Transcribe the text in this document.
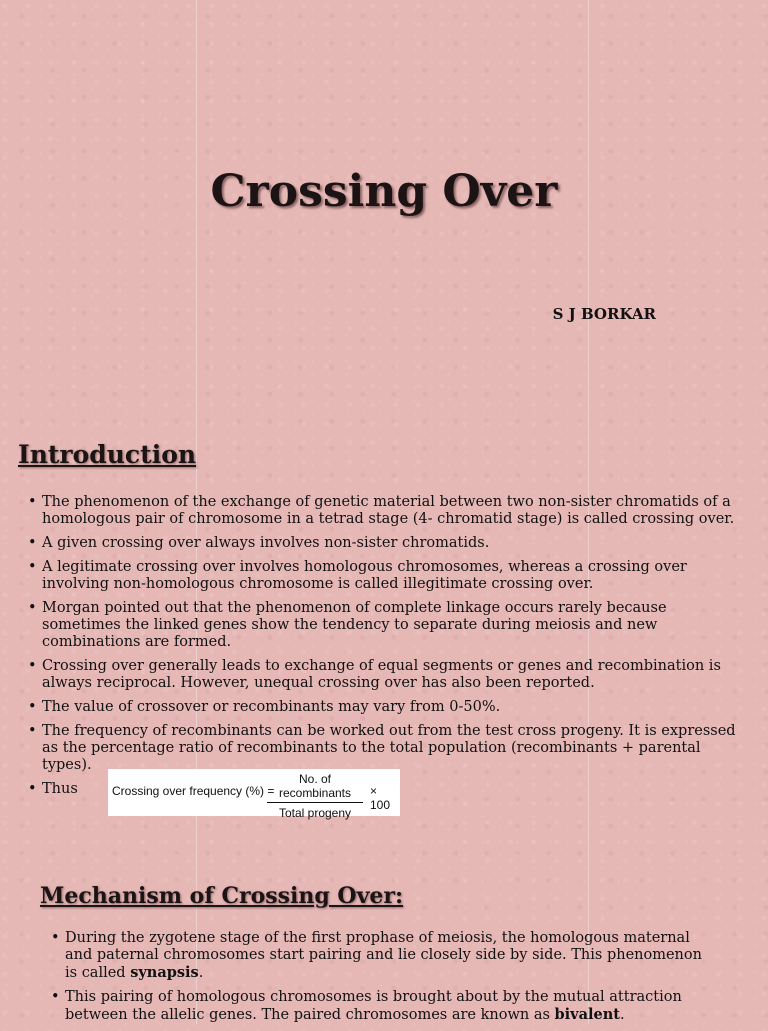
Crossing Over
S J BORKAR
Introduction
• The phenomenon of the exchange of genetic material between two non-sister chromatids of a homologous pair of chromosome in a tetrad stage (4- chromatid stage) is called crossing over.
• A given crossing over always involves non-sister chromatids.
• A legitimate crossing over involves homologous chromosomes, whereas a crossing over involving non-homologous chromosome is called illegitimate crossing over.
• Morgan pointed out that the phenomenon of complete linkage occurs rarely because sometimes the linked genes show the tendency to separate during meiosis and new combinations are formed.
• Crossing over generally leads to exchange of equal segments or genes and recombination is always reciprocal. However, unequal crossing over has also been reported.
• The value of crossover or recombinants may vary from 0-50%.
• The frequency of recombinants can be worked out from the test cross progeny. It is expressed as the percentage ratio of recombinants to the total population (recombinants + parental types).
• Thus	Crossing over frequency (%) =
No. of recombinants
Total progeny
× 100
Mechanism of Crossing Over:
• During the zygotene stage of the first prophase of meiosis, the homologous maternal and paternal chromosomes start pairing and lie closely side by side. This phenomenon is called synapsis.
• This pairing of homologous chromosomes is brought about by the mutual attraction between the allelic genes. The paired chromosomes are known as bivalent.
